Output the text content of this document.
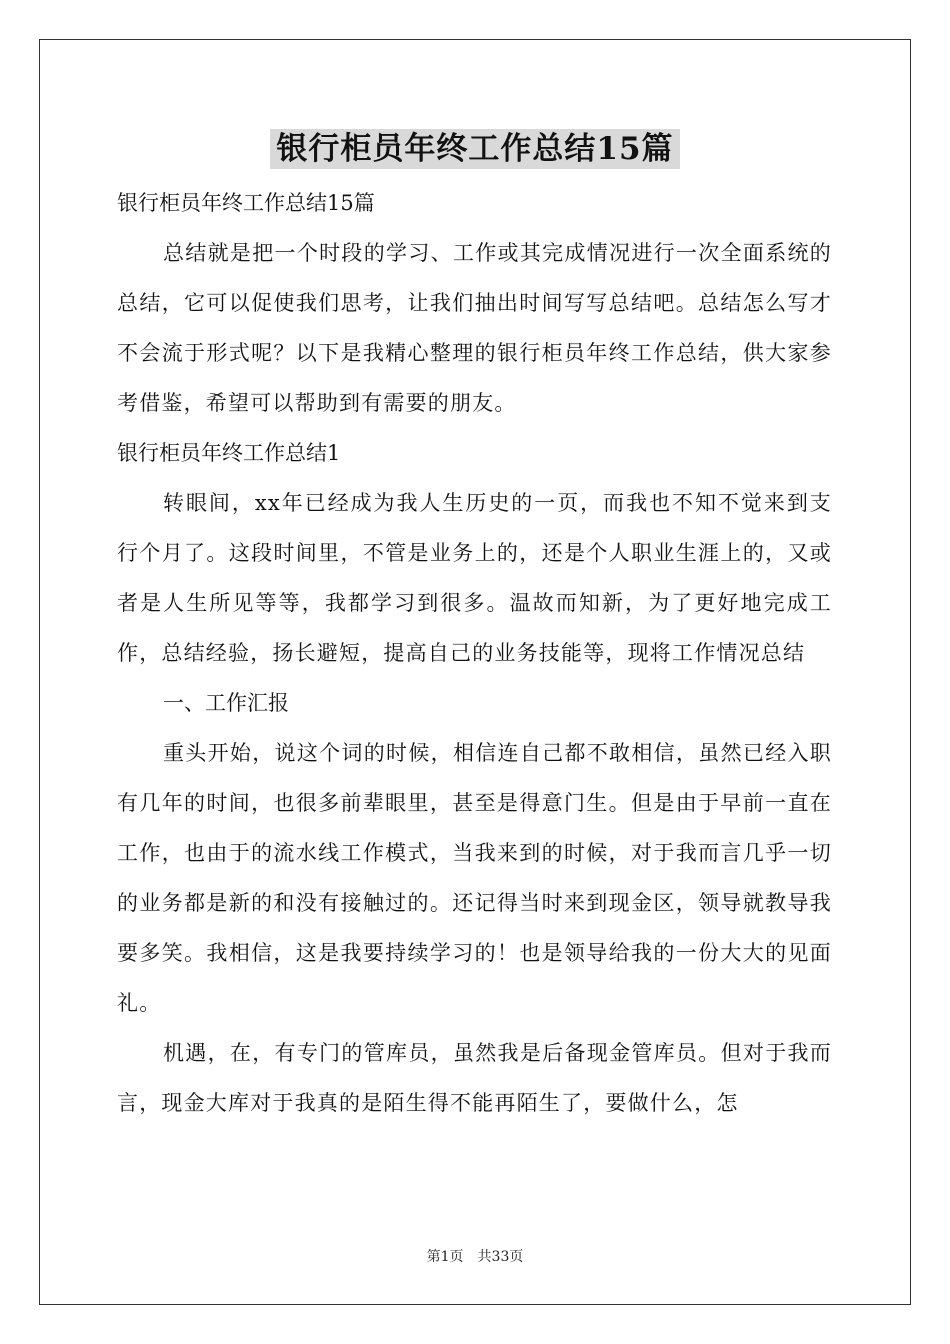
银行柜员年终工作总结15篇
银行柜员年终工作总结15篇

总结就是把一个时段的学习、工作或其完成情况进行一次全面系统的总结，它可以促使我们思考，让我们抽出时间写写总结吧。总结怎么写才不会流于形式呢？以下是我精心整理的银行柜员年终工作总结，供大家参考借鉴，希望可以帮助到有需要的朋友。

银行柜员年终工作总结1

转眼间，xx年已经成为我人生历史的一页，而我也不知不觉来到支行个月了。这段时间里，不管是业务上的，还是个人职业生涯上的，又或者是人生所见等等，我都学习到很多。温故而知新，为了更好地完成工作，总结经验，扬长避短，提高自己的业务技能等，现将工作情况总结

一、工作汇报

重头开始，说这个词的时候，相信连自己都不敢相信，虽然已经入职有几年的时间，也很多前辈眼里，甚至是得意门生。但是由于早前一直在工作，也由于的流水线工作模式，当我来到的时候，对于我而言几乎一切的业务都是新的和没有接触过的。还记得当时来到现金区，领导就教导我要多笑。我相信，这是我要持续学习的！也是领导给我的一份大大的见面礼。

机遇，在，有专门的管库员，虽然我是后备现金管库员。但对于我而言，现金大库对于我真的是陌生得不能再陌生了，要做什么，怎

第1页　共33页
